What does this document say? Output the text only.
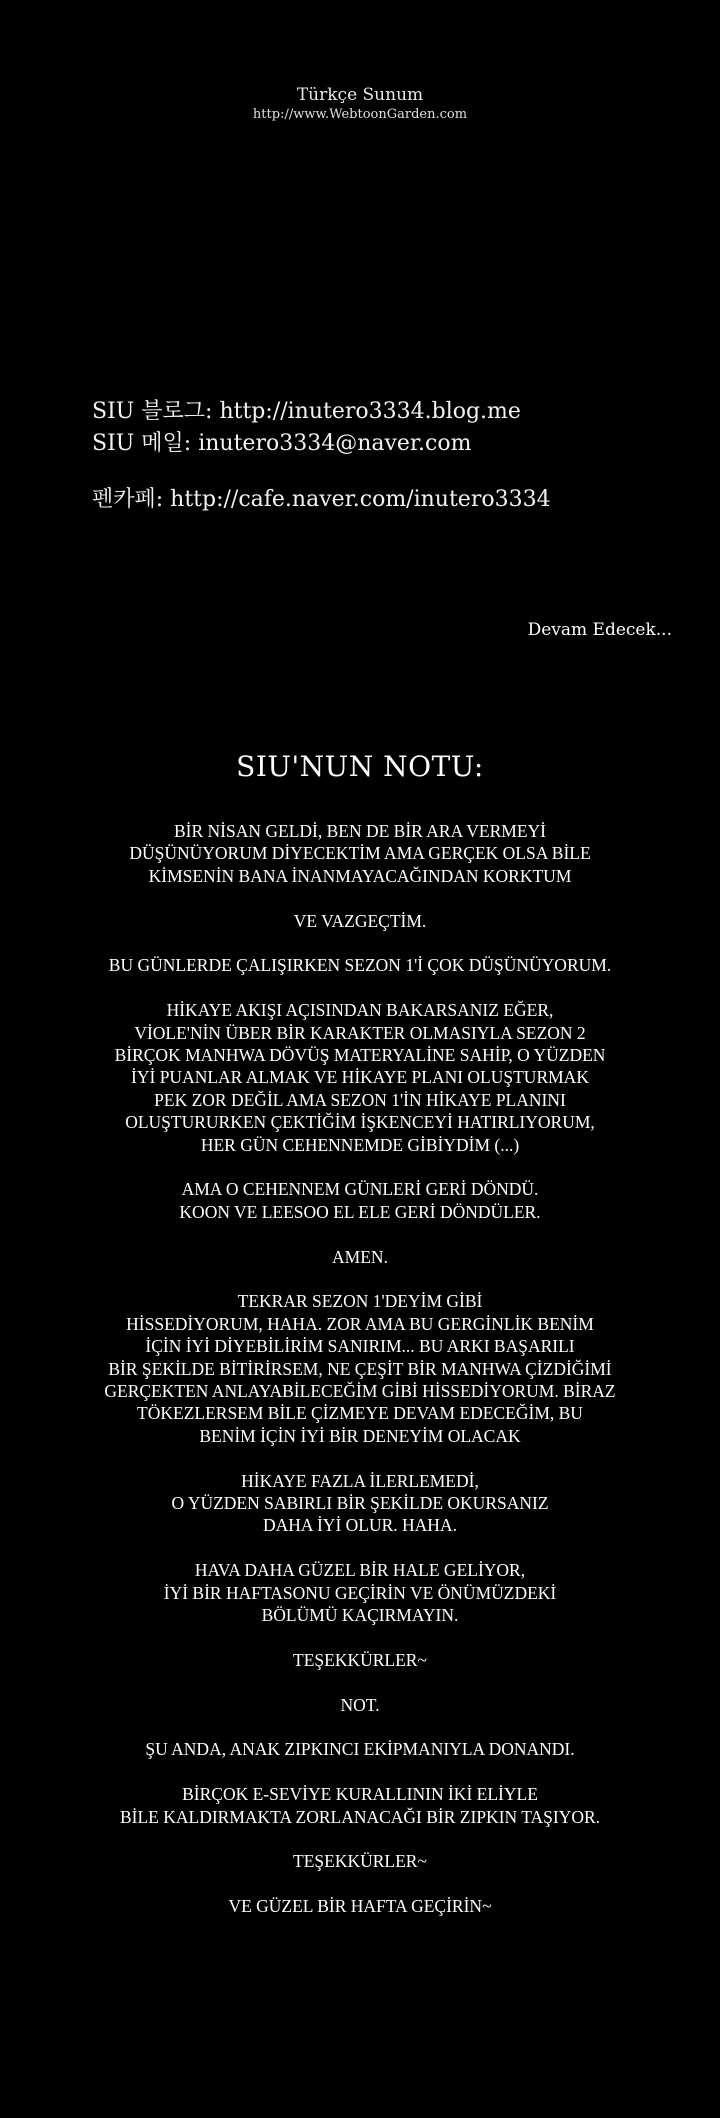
Türkçe Sunum
http://www.WebtoonGarden.com
SIU 블로그: http://inutero3334.blog.me
SIU 메일: inutero3334@naver.com
펜카페: http://cafe.naver.com/inutero3334
Devam Edecek...
SIU'NUN NOTU:
BİR NİSAN GELDİ, BEN DE BİR ARA VERMEYİ
DÜŞÜNÜYORUM DİYECEKTİM AMA GERÇEK OLSA BİLE
KİMSENİN BANA İNANMAYACAĞINDAN KORKTUM
VE VAZGEÇTİM.
BU GÜNLERDE ÇALIŞIRKEN SEZON 1'İ ÇOK DÜŞÜNÜYORUM.
HİKAYE AKIŞI AÇISINDAN BAKARSANIZ EĞER,
VİOLE'NİN ÜBER BİR KARAKTER OLMASIYLA SEZON 2
BİRÇOK MANHWA DÖVÜŞ MATERYALİNE SAHİP, O YÜZDEN
İYİ PUANLAR ALMAK VE HİKAYE PLANI OLUŞTURMAK
PEK ZOR DEĞİL AMA SEZON 1'İN HİKAYE PLANINI
OLUŞTURURKEN ÇEKTİĞİM İŞKENCEYİ HATIRLIYORUM,
HER GÜN CEHENNEMDE GİBİYDİM (...)
AMA O CEHENNEM GÜNLERİ GERİ DÖNDÜ.
KOON VE LEESOO EL ELE GERİ DÖNDÜLER.
AMEN.
TEKRAR SEZON 1'DEYİM GİBİ
HİSSEDİYORUM, HAHA. ZOR AMA BU GERGİNLİK BENİM
İÇİN İYİ DİYEBİLİRİM SANIRIM... BU ARKI BAŞARILI
BİR ŞEKİLDE BİTİRİRSEM, NE ÇEŞİT BİR MANHWA ÇİZDİĞİMİ
GERÇEKTEN ANLAYABİLECEĞİM GİBİ HİSSEDİYORUM. BİRAZ
TÖKEZLERSEM BİLE ÇİZMEYE DEVAM EDECEĞİM, BU
BENİM İÇİN İYİ BİR DENEYİM OLACAK
HİKAYE FAZLA İLERLEMEDİ,
O YÜZDEN SABIRLI BİR ŞEKİLDE OKURSANIZ
DAHA İYİ OLUR. HAHA.
HAVA DAHA GÜZEL BİR HALE GELİYOR,
İYİ BİR HAFTASONU GEÇİRİN VE ÖNÜMÜZDEKİ
BÖLÜMÜ KAÇIRMAYIN.
TEŞEKKÜRLER~
NOT.
ŞU ANDA, ANAK ZIPKINCI EKİPMANIYLA DONANDI.
BİRÇOK E-SEVİYE KURALLININ İKİ ELİYLE
BİLE KALDIRMAKTA ZORLANACAĞI BİR ZIPKIN TAŞIYOR.
TEŞEKKÜRLER~
VE GÜZEL BİR HAFTA GEÇİRİN~
